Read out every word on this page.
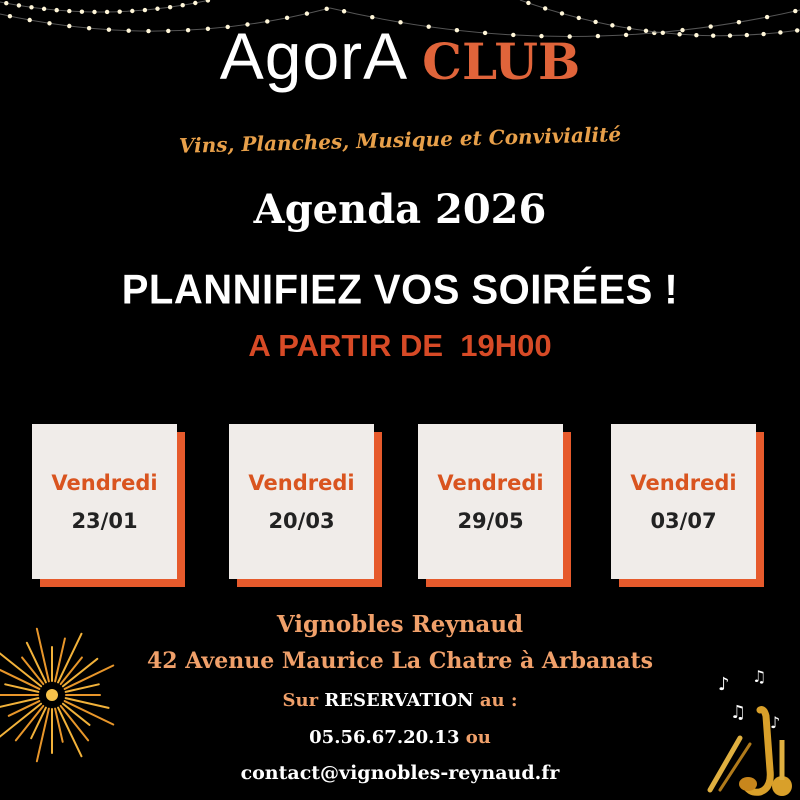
AgorA CLUB
Vins, Planches, Musique et Convivialité
Agenda 2026
PLANNIFIEZ VOS SOIRÉES !
A PARTIR DE  19H00
Vendredi
23/01
Vendredi
20/03
Vendredi
29/05
Vendredi
03/07
Vignobles Reynaud
42 Avenue Maurice La Chatre à Arbanats
Sur RESERVATION au :
05.56.67.20.13 ou
contact@vignobles-reynaud.fr
♪ ♫
♫ ♪
